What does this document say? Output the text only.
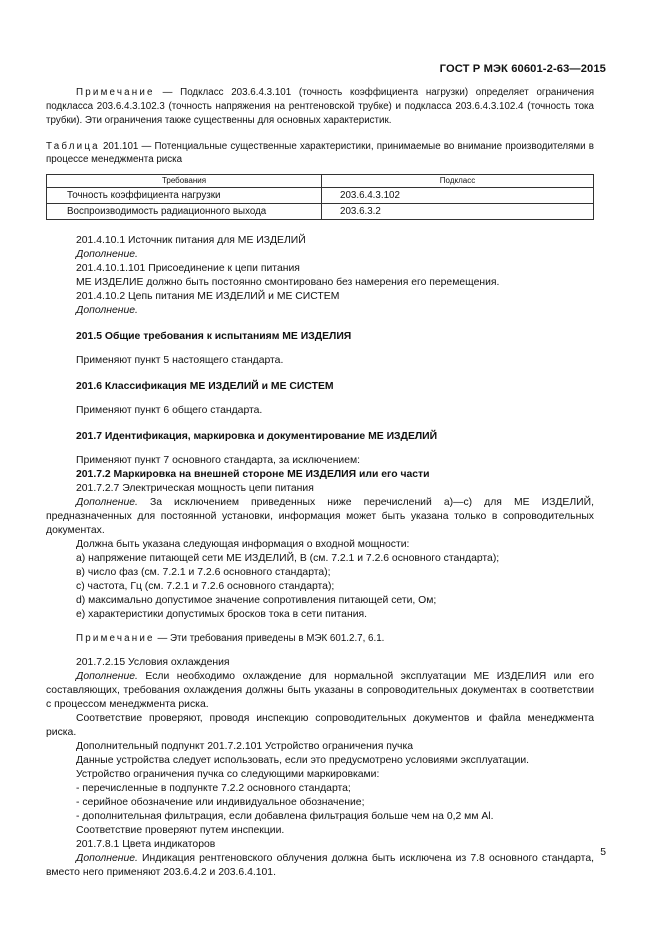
ГОСТ Р МЭК 60601-2-63—2015

Примечание — Подкласс 203.6.4.3.101 (точность коэффициента нагрузки) определяет ограничения подкласса 203.6.4.3.102.3 (точность напряжения на рентгеновской трубке) и подкласса 203.6.4.3.102.4 (точность тока трубки). Эти ограничения также существенны для основных характеристик.

Таблица 201.101 — Потенциальные существенные характеристики, принимаемые во внимание производителями в процессе менеджмента риска

Требования	Подкласс
Точность коэффициента нагрузки	203.6.4.3.102
Воспроизводимость радиационного выхода	203.6.3.2

201.4.10.1 Источник питания для МЕ ИЗДЕЛИЙ

Дополнение.

201.4.10.1.101 Присоединение к цепи питания

МЕ ИЗДЕЛИЕ должно быть постоянно смонтировано без намерения его перемещения.

201.4.10.2 Цепь питания МЕ ИЗДЕЛИЙ и МЕ СИСТЕМ

Дополнение.

201.5 Общие требования к испытаниям МЕ ИЗДЕЛИЯ

Применяют пункт 5 настоящего стандарта.

201.6 Классификация МЕ ИЗДЕЛИЙ и МЕ СИСТЕМ

Применяют пункт 6 общего стандарта.

201.7 Идентификация, маркировка и документирование МЕ ИЗДЕЛИЙ

Применяют пункт 7 основного стандарта, за исключением:

201.7.2 Маркировка на внешней стороне МЕ ИЗДЕЛИЯ или его части

201.7.2.7 Электрическая мощность цепи питания

Дополнение. За исключением приведенных ниже перечислений а)—с) для МЕ ИЗДЕЛИЙ, предназначенных для постоянной установки, информация может быть указана только в сопроводительных документах.

Должна быть указана следующая информация о входной мощности:

а) напряжение питающей сети МЕ ИЗДЕЛИЙ, В (см. 7.2.1 и 7.2.6 основного стандарта);

в) число фаз (см. 7.2.1 и 7.2.6 основного стандарта);

с) частота, Гц (см. 7.2.1 и 7.2.6 основного стандарта);

d) максимально допустимое значение сопротивления питающей сети, Ом;

е) характеристики допустимых бросков тока в сети питания.

Примечание — Эти требования приведены в МЭК 601.2.7, 6.1.

201.7.2.15 Условия охлаждения

Дополнение. Если необходимо охлаждение для нормальной эксплуатации МЕ ИЗДЕЛИЯ или его составляющих, требования охлаждения должны быть указаны в сопроводительных документах в соответствии с процессом менеджмента риска.

Соответствие проверяют, проводя инспекцию сопроводительных документов и файла менеджмента риска.

Дополнительный подпункт 201.7.2.101 Устройство ограничения пучка

Данные устройства следует использовать, если это предусмотрено условиями эксплуатации.

Устройство ограничения пучка со следующими маркировками:

- перечисленные в подпункте 7.2.2 основного стандарта;

- серийное обозначение или индивидуальное обозначение;

- дополнительная фильтрация, если добавлена фильтрация больше чем на 0,2 мм Al.

Соответствие проверяют путем инспекции.

201.7.8.1 Цвета индикаторов

Дополнение. Индикация рентгеновского облучения должна быть исключена из 7.8 основного стандарта, вместо него применяют 203.6.4.2 и 203.6.4.101.

5
